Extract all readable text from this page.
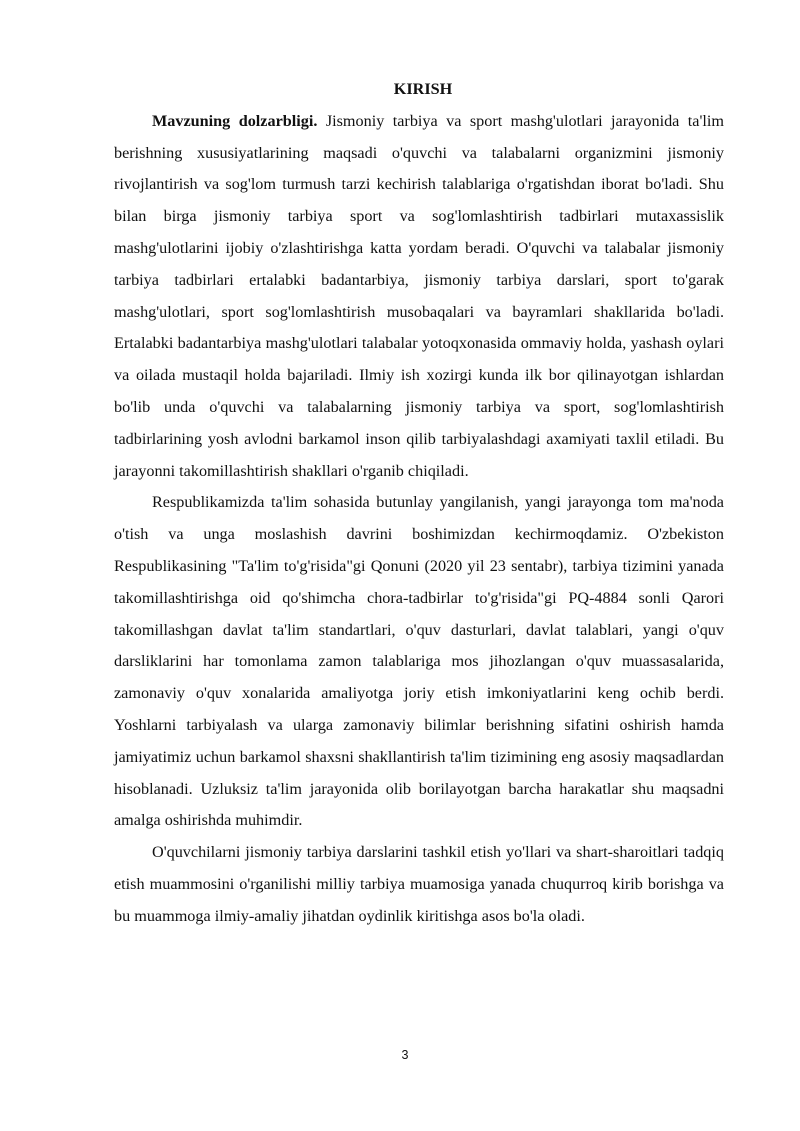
KIRISH

Mavzuning dolzarbligi. Jismoniy tarbiya va sport mashg'ulotlari jarayonida ta'lim berishning xususiyatlarining maqsadi o'quvchi va talabalarni organizmini jismoniy rivojlantirish va sog'lom turmush tarzi kechirish talablariga o'rgatishdan iborat bo'ladi. Shu bilan birga jismoniy tarbiya sport va sog'lomlashtirish tadbirlari mutaxassislik mashg'ulotlarini ijobiy o'zlashtirishga katta yordam beradi. O'quvchi va talabalar jismoniy tarbiya tadbirlari ertalabki badantarbiya, jismoniy tarbiya darslari, sport to'garak mashg'ulotlari, sport sog'lomlashtirish musobaqalari va bayramlari shakllarida bo'ladi. Ertalabki badantarbiya mashg'ulotlari talabalar yotoqxonasida ommaviy holda, yashash oylari va oilada mustaqil holda bajariladi. Ilmiy ish xozirgi kunda ilk bor qilinayotgan ishlardan bo'lib unda o'quvchi va talabalarning jismoniy tarbiya va sport, sog'lomlashtirish tadbirlarining yosh avlodni barkamol inson qilib tarbiyalashdagi axamiyati taxlil etiladi. Bu jarayonni takomillashtirish shakllari o'rganib chiqiladi.

Respublikamizda ta'lim sohasida butunlay yangilanish, yangi jarayonga tom ma'noda o'tish va unga moslashish davrini boshimizdan kechirmoqdamiz. O'zbekiston Respublikasining "Ta'lim to'g'risida"gi Qonuni (2020 yil 23 sentabr), tarbiya tizimini yanada takomillashtirishga oid qo'shimcha chora-tadbirlar to'g'risida"gi PQ-4884 sonli Qarori takomillashgan davlat ta'lim standartlari, o'quv dasturlari, davlat talablari, yangi o'quv darsliklarini har tomonlama zamon talablariga mos jihozlangan o'quv muassasalarida, zamonaviy o'quv xonalarida amaliyotga joriy etish imkoniyatlarini keng ochib berdi. Yoshlarni tarbiyalash va ularga zamonaviy bilimlar berishning sifatini oshirish hamda jamiyatimiz uchun barkamol shaxsni shakllantirish ta'lim tizimining eng asosiy maqsadlardan hisoblanadi. Uzluksiz ta'lim jarayonida olib borilayotgan barcha harakatlar shu maqsadni amalga oshirishda muhimdir.

O'quvchilarni jismoniy tarbiya darslarini tashkil etish yo'llari va shart-sharoitlari tadqiq etish muammosini o'rganilishi milliy tarbiya muamosiga yanada chuqurroq kirib borishga va bu muammoga ilmiy-amaliy jihatdan oydinlik kiritishga asos bo'la oladi.

3
